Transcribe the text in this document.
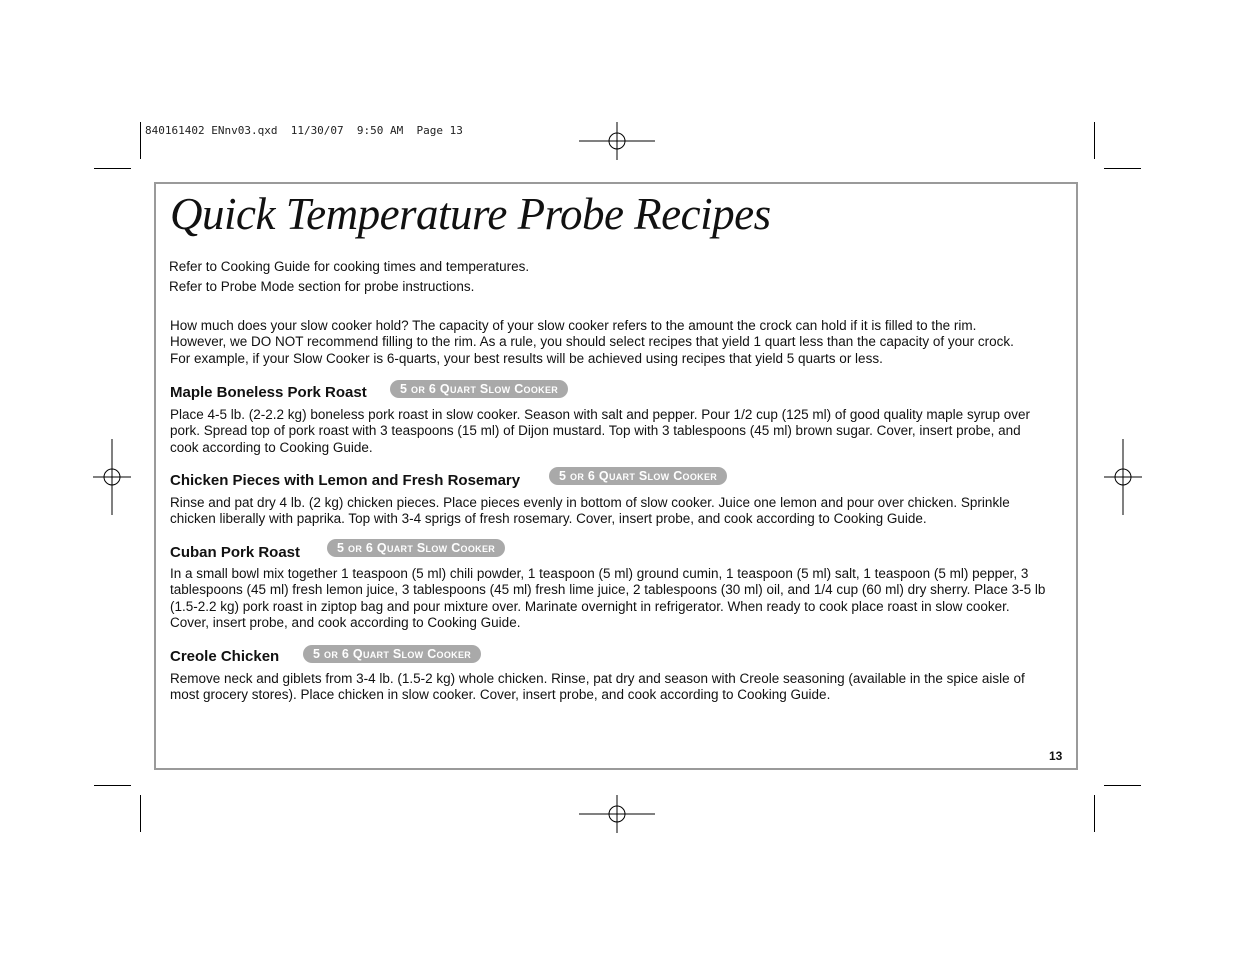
840161402 ENnv03.qxd  11/30/07  9:50 AM  Page 13
Quick Temperature Probe Recipes
Refer to Cooking Guide for cooking times and temperatures.
Refer to Probe Mode section for probe instructions.
How much does your slow cooker hold? The capacity of your slow cooker refers to the amount the crock can hold if it is filled to the rim.
However, we DO NOT recommend filling to the rim. As a rule, you should select recipes that yield 1 quart less than the capacity of your crock.
For example, if your Slow Cooker is 6-quarts, your best results will be achieved using recipes that yield 5 quarts or less.
Maple Boneless Pork Roast	5 or 6 Quart Slow Cooker
Place 4-5 lb. (2-2.2 kg) boneless pork roast in slow cooker. Season with salt and pepper. Pour 1/2 cup (125 ml) of good quality maple syrup over
pork. Spread top of pork roast with 3 teaspoons (15 ml) of Dijon mustard. Top with 3 tablespoons (45 ml) brown sugar. Cover, insert probe, and
cook according to Cooking Guide.
Chicken Pieces with Lemon and Fresh Rosemary	5 or 6 Quart Slow Cooker
Rinse and pat dry 4 lb. (2 kg) chicken pieces. Place pieces evenly in bottom of slow cooker. Juice one lemon and pour over chicken. Sprinkle
chicken liberally with paprika. Top with 3-4 sprigs of fresh rosemary. Cover, insert probe, and cook according to Cooking Guide.
Cuban Pork Roast	5 or 6 Quart Slow Cooker
In a small bowl mix together 1 teaspoon (5 ml) chili powder, 1 teaspoon (5 ml) ground cumin, 1 teaspoon (5 ml) salt, 1 teaspoon (5 ml) pepper, 3
tablespoons (45 ml) fresh lemon juice, 3 tablespoons (45 ml) fresh lime juice, 2 tablespoons (30 ml) oil, and 1/4 cup (60 ml) dry sherry. Place 3-5 lb
(1.5-2.2 kg) pork roast in ziptop bag and pour mixture over. Marinate overnight in refrigerator. When ready to cook place roast in slow cooker.
Cover, insert probe, and cook according to Cooking Guide.
Creole Chicken	5 or 6 Quart Slow Cooker
Remove neck and giblets from 3-4 lb. (1.5-2 kg) whole chicken. Rinse, pat dry and season with Creole seasoning (available in the spice aisle of
most grocery stores). Place chicken in slow cooker. Cover, insert probe, and cook according to Cooking Guide.
13
